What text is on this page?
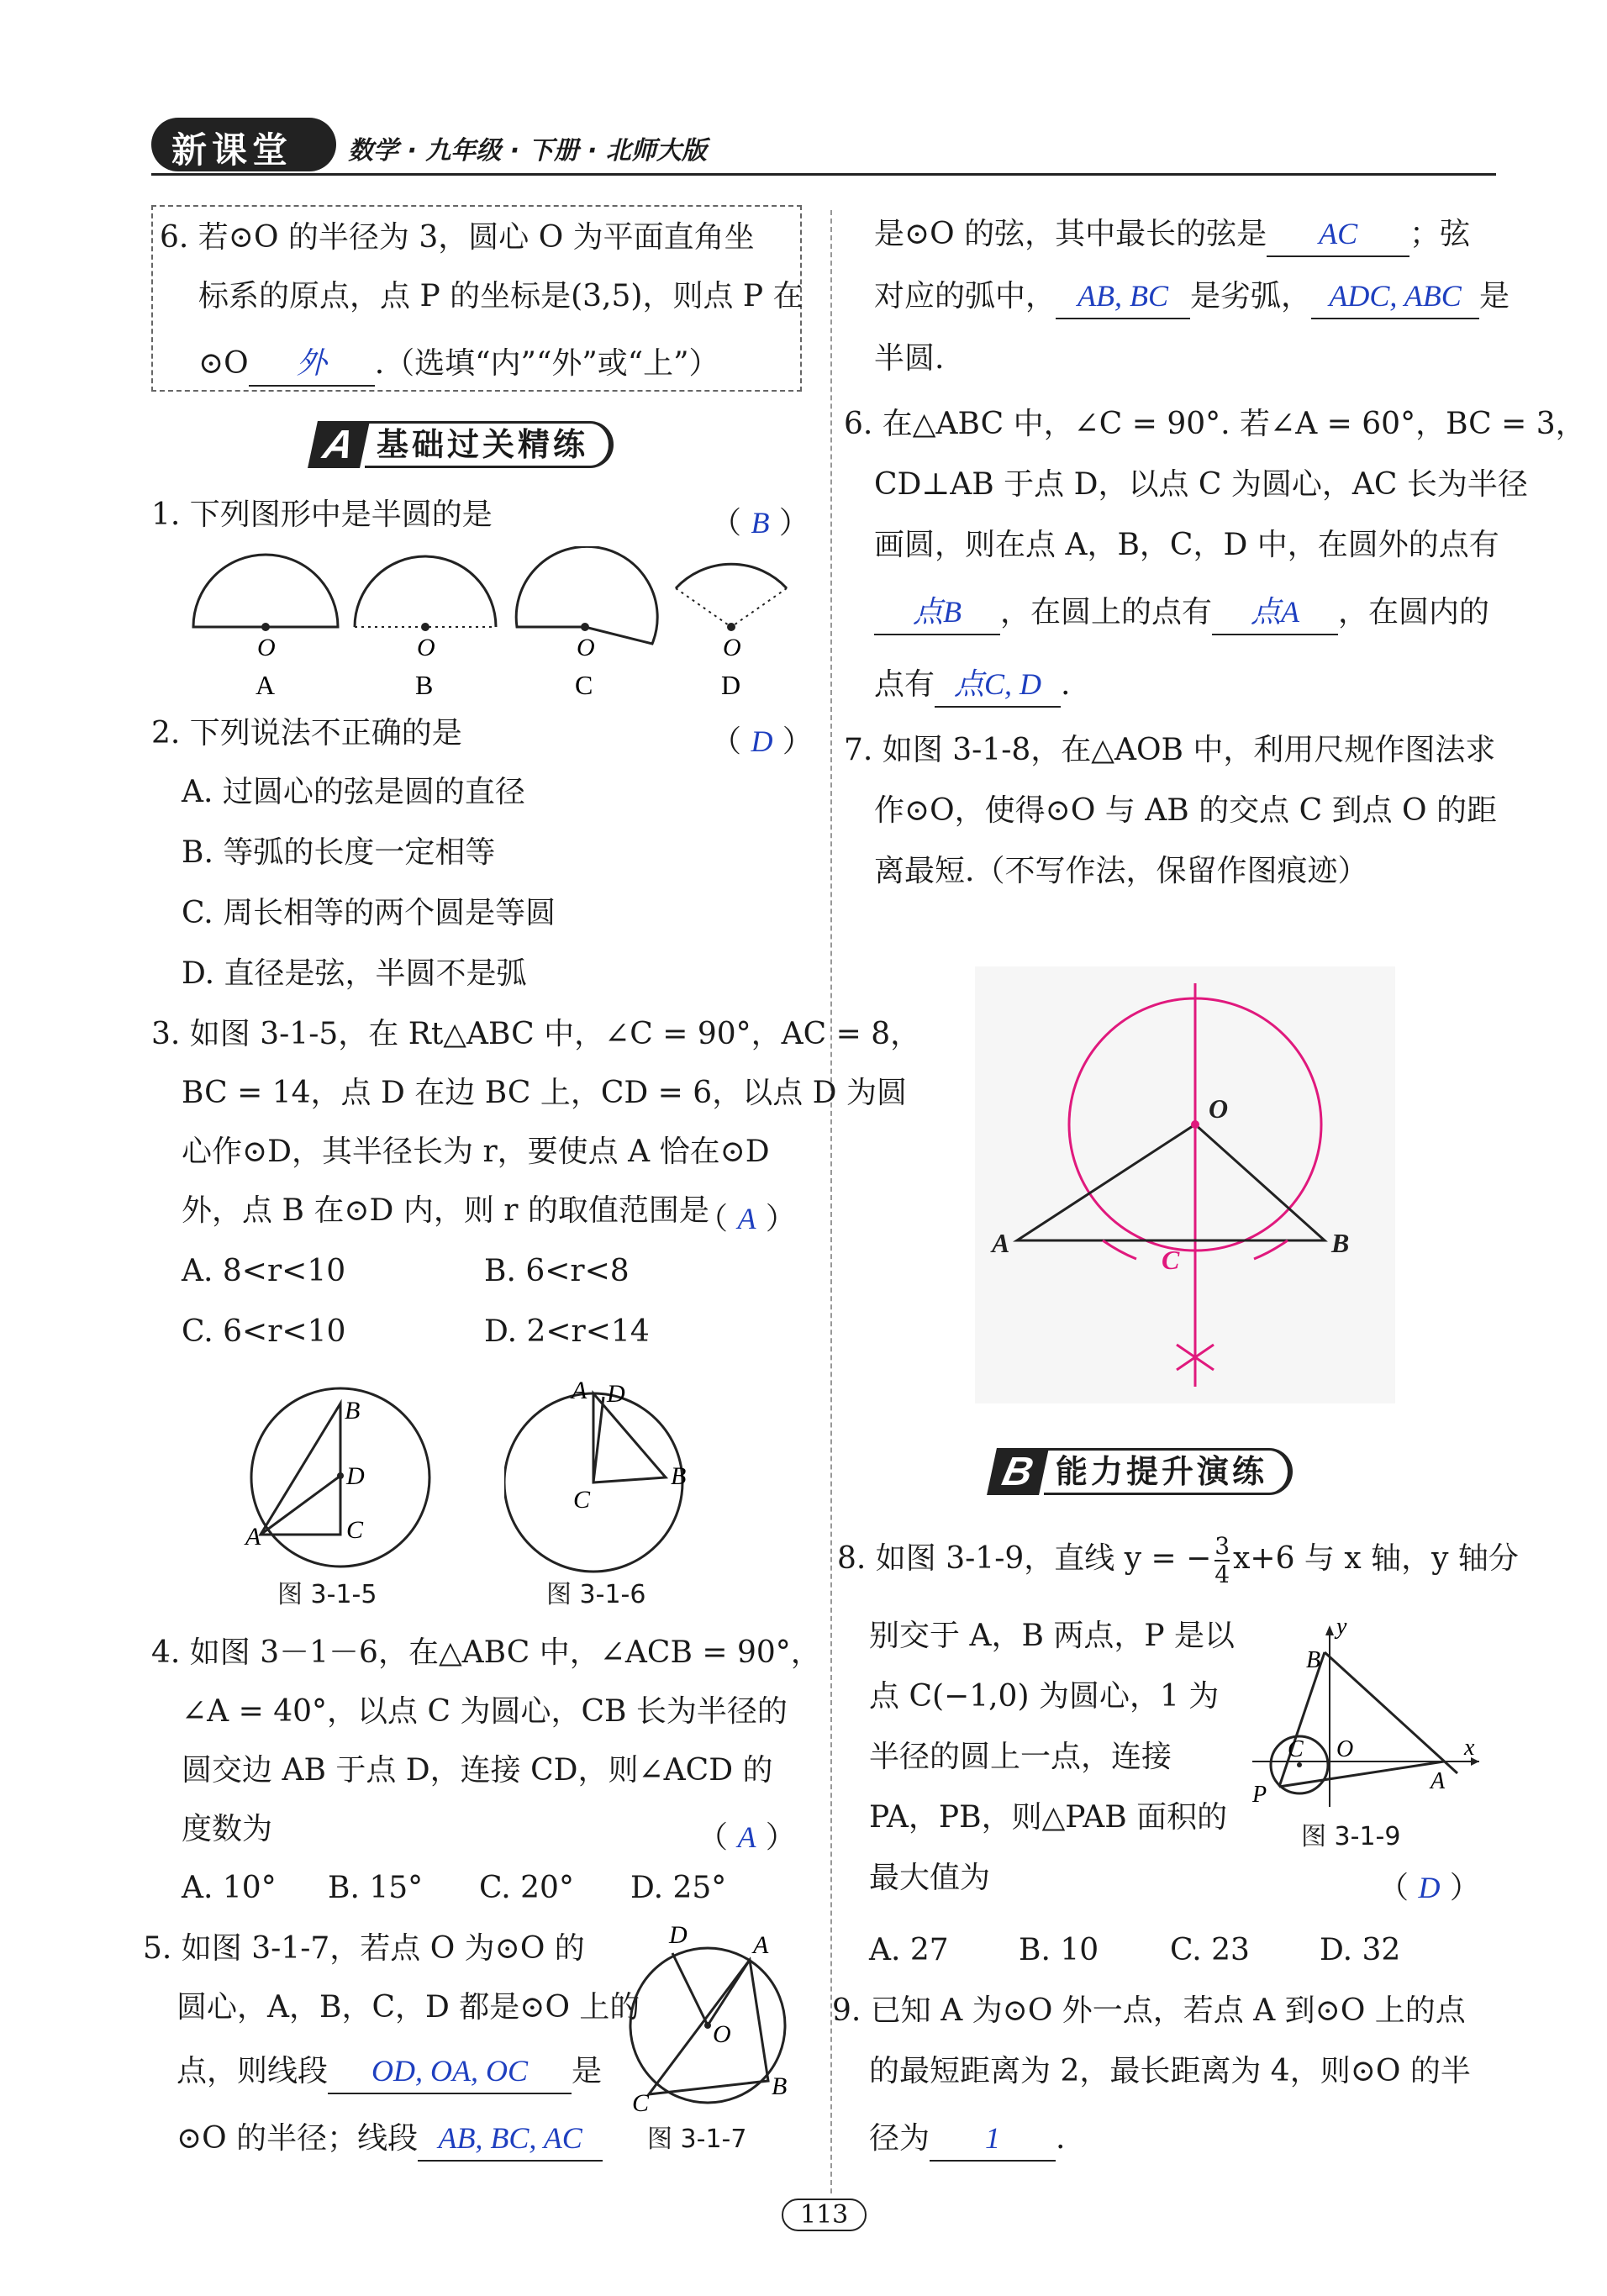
新课堂 数学 · 九年级 · 下册 · 北师大版
6. 若⊙O 的半径为 3，圆心 O 为平面直角坐
标系的原点，点 P 的坐标是(3,5)，则点 P 在
⊙O 外 .（选填“内”“外”或“上”）
A 基础过关精练
1. 下列图形中是半圆的是	（ B ）
O	O	O	O
A	B	C	D
2. 下列说法不正确的是	（ D ）
A. 过圆心的弦是圆的直径
B. 等弧的长度一定相等
C. 周长相等的两个圆是等圆
D. 直径是弦，半圆不是弧
3. 如图 3-1-5，在 Rt△ABC 中，∠C = 90°，AC = 8，
BC = 14，点 D 在边 BC 上，CD = 6，以点 D 为圆
心作⊙D，其半径长为 r，要使点 A 恰在⊙D
外，点 B 在⊙D 内，则 r 的取值范围是
（ A ）
A. 8<r<10	B. 6<r<8
C. 6<r<10	D. 2<r<14
B
D
A	C
图 3-1-5
A D
B
C
图 3-1-6
4. 如图 3－1－6，在△ABC 中，∠ACB = 90°，
∠A = 40°，以点 C 为圆心，CB 长为半径的
圆交边 AB 于点 D，连接 CD，则∠ACD 的
度数为	（ A ）
A. 10° B. 15° C. 20° D. 25°
5. 如图 3-1-7，若点 O 为⊙O 的
圆心，A，B，C，D 都是⊙O 上的
点，则线段 OD, OA, OC 是
⊙O 的半径；线段 AB, BC, AC
D	A
O
B
C
图 3-1-7
是⊙O 的弦，其中最长的弦是 AC ；弦
对应的弧中， AB, BC 是劣弧， ADC, ABC 是
半圆.
6. 在△ABC 中，∠C = 90°. 若∠A = 60°，BC = 3，
CD⊥AB 于点 D，以点 C 为圆心，AC 长为半径
画圆，则在点 A，B，C，D 中，在圆外的点有
点B ，在圆上的点有 点A ，在圆内的
点有 点C, D .
7. 如图 3-1-8，在△AOB 中，利用尺规作图法求
作⊙O，使得⊙O 与 AB 的交点 C 到点 O 的距
离最短.（不写作法，保留作图痕迹）
O
A	B
C
B 能力提升演练
8. 如图 3-1-9，直线 y = − $\frac{3}{4} x+6$ 与 x 轴，y 轴分
别交于 A，B 两点，P 是以
点 C(−1,0) 为圆心，1 为
半径的圆上一点，连接
PA，PB，则△PAB 面积的
最大值为	（ D ）
A. 27 B. 10 C. 23 D. 32
y
B
C O	x
A
P
图 3-1-9
9. 已知 A 为⊙O 外一点，若点 A 到⊙O 上的点
的最短距离为 2，最长距离为 4，则⊙O 的半
径为 1 .
113
